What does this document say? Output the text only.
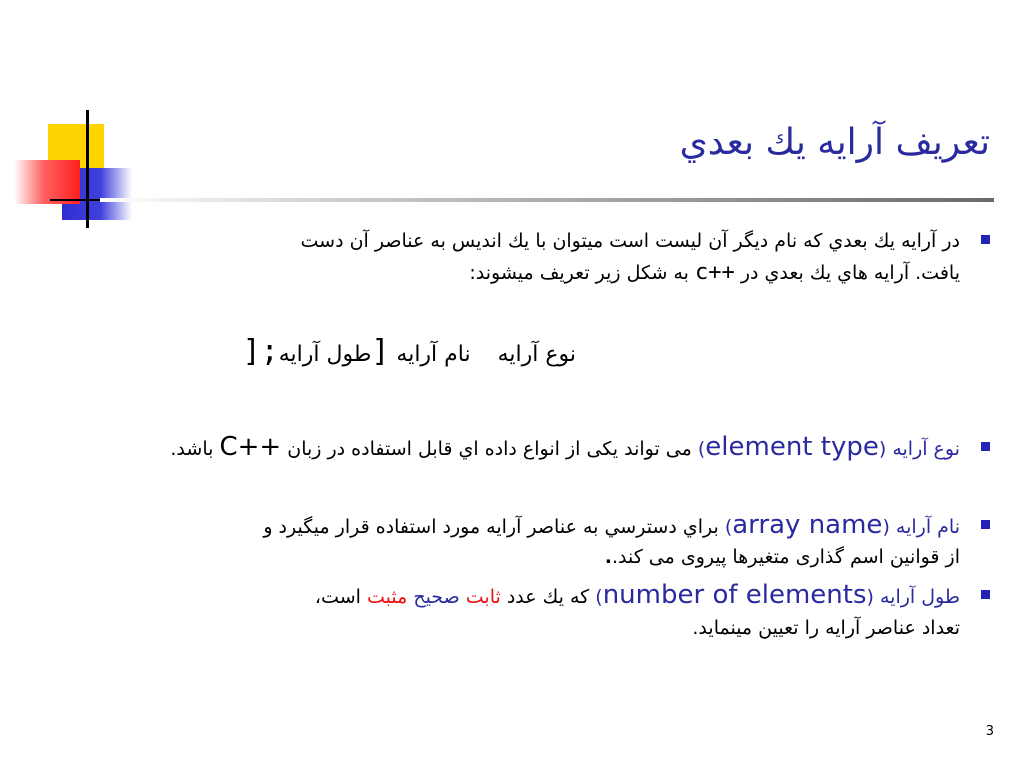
تعریف آرایه يك بعدي
در آرایه يك بعدي كه نام ديگر آن ليست است ميتوان با يك انديس به عناصر آن دست
يافت. آرايه هاي يك بعدي در c++ به شكل زير تعريف ميشوند:
نوع آرایه نام آرایه [طول آرایه];
نوع آرايه (element type) می تواند یکی از انواع داده اي قابل استفاده در زبان C++ باشد.
نام آرايه (array name) براي دسترسي به عناصر آرايه مورد استفاده قرار میگیرد و
از قوانین اسم گذاری متغیرها پیروی می کند..
طول آرايه (number of elements) كه يك عدد ثابت صحيح مثبت است،
تعداد عناصر آرايه را تعيين مينمايد.
3
